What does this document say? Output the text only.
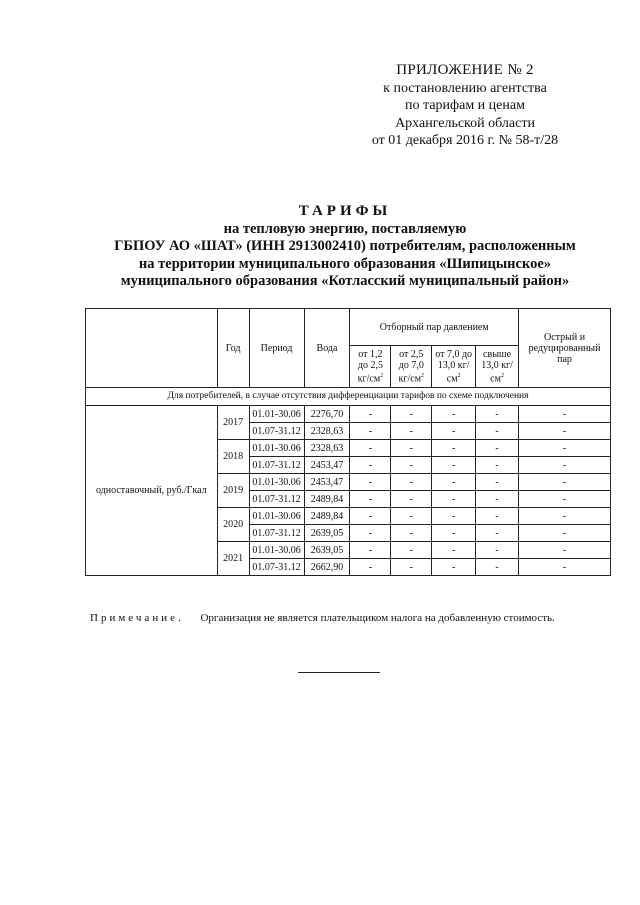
ПРИЛОЖЕНИЕ № 2
к постановлению агентства
по тарифам и ценам
Архангельской области
от 01 декабря 2016 г. № 58-т/28
ТАРИФЫ
на тепловую энергию, поставляемую
ГБПОУ АО «ШАТ» (ИНН 2913002410) потребителям, расположенным
на территории муниципального образования «Шипицынское»
муниципального образования «Котласский муниципальный район»
	Год	Период	Вода	Отборный пар давлением				Острый и редуцированный пар
				от 1,2 до 2,5 $кг/см^2$	от 2,5 до 7,0 $кг/см^2$	от 7,0 до 13,0 $кг/см^2$	свыше 13,0 $кг/см^2$
Для потребителей, в случае отсутствия дифференциации тарифов по схеме подключения								
одноставочный, руб./Гкал	2017	01.01-30.06	2276,70	-	-	-	-	-
		01.07-31.12	2328,63	-	-	-	-	-
	2018	01.01-30.06	2328,63	-	-	-	-	-
		01.07-31.12	2453,47	-	-	-	-	-
	2019	01.01-30.06	2453,47	-	-	-	-	-
		01.07-31.12	2489,84	-	-	-	-	-
	2020	01.01-30.06	2489,84	-	-	-	-	-
		01.07-31.12	2639,05	-	-	-	-	-
	2021	01.01-30.06	2639,05	-	-	-	-	-
		01.07-31.12	2662,90	-	-	-	-	-
Примечание. Организация не является плательщиком налога на добавленную стоимость.
